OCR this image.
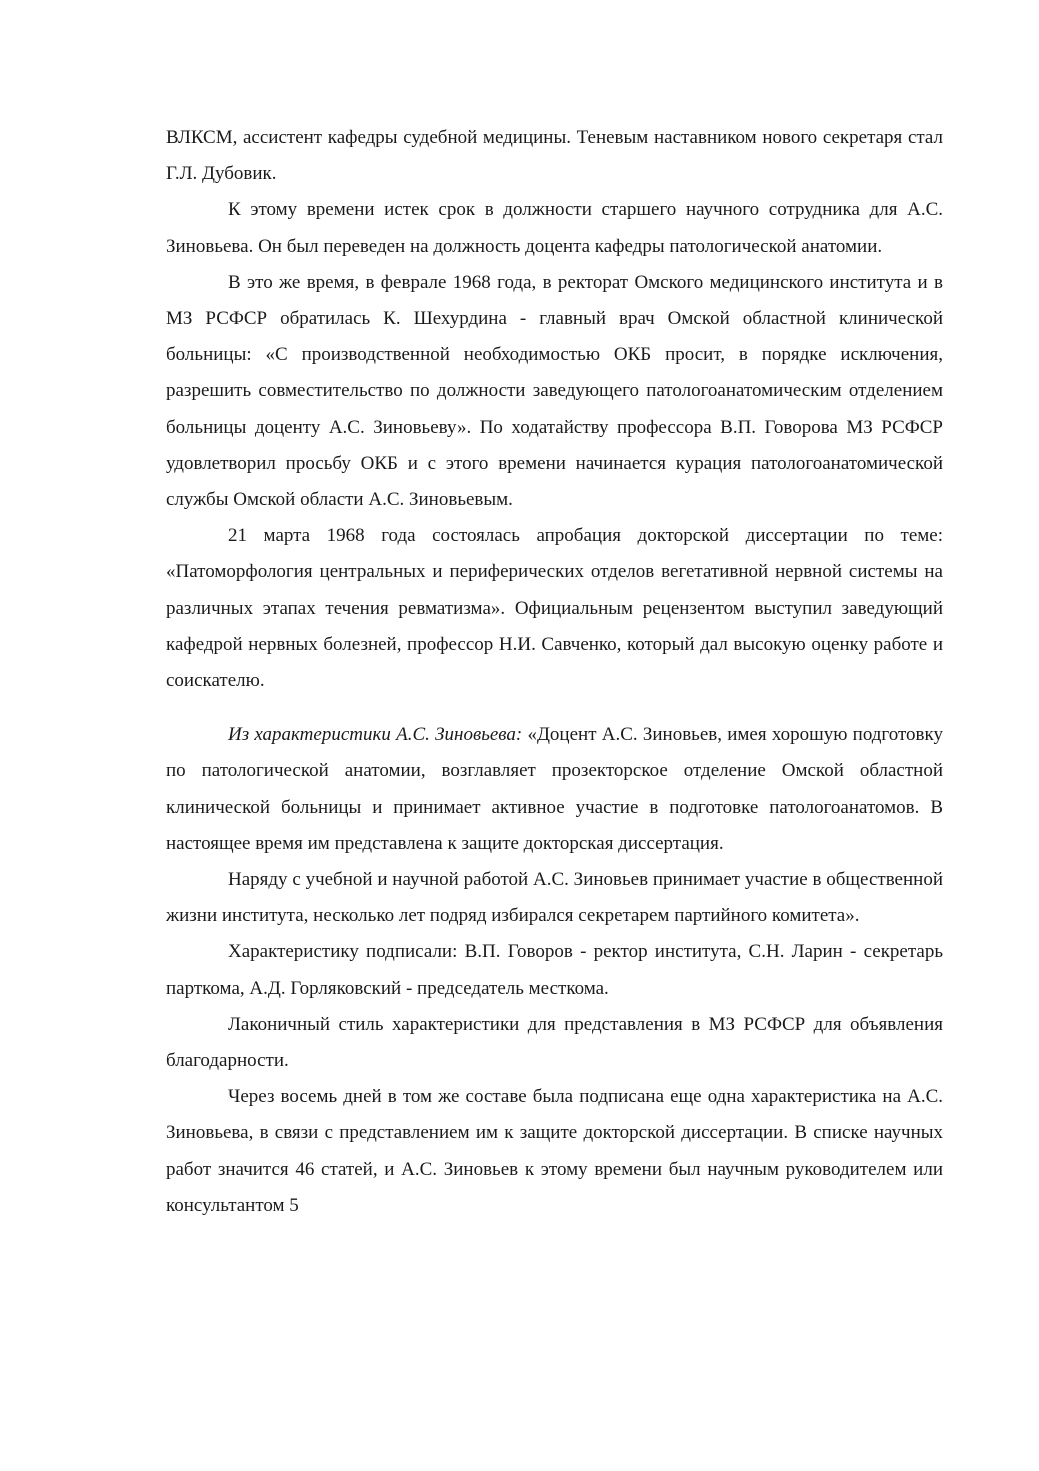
ВЛКСМ, ассистент кафедры судебной медицины. Теневым наставником нового секретаря стал Г.Л. Дубовик.

К этому времени истек срок в должности старшего научного сотрудника для А.С. Зиновьева. Он был переведен на должность доцента кафедры патологической анатомии.

В это же время, в феврале 1968 года, в ректорат Омского медицинского института и в МЗ РСФСР обратилась К. Шехурдина - главный врач Омской областной клинической больницы: «С производственной необходимостью ОКБ просит, в порядке исключения, разрешить совместительство по должности заведующего патологоанатомическим отделением больницы доценту А.С. Зиновьеву». По ходатайству профессора В.П. Говорова МЗ РСФСР удовлетворил просьбу ОКБ и с этого времени начинается курация патологоанатомической службы Омской области А.С. Зиновьевым.

21 марта 1968 года состоялась апробация докторской диссертации по теме: «Патоморфология центральных и периферических отделов вегетативной нервной системы на различных этапах течения ревматизма». Официальным рецензентом выступил заведующий кафедрой нервных болезней, профессор Н.И. Савченко, который дал высокую оценку работе и соискателю.

Из характеристики А.С. Зиновьева: «Доцент А.С. Зиновьев, имея хорошую подготовку по патологической анатомии, возглавляет прозекторское отделение Омской областной клинической больницы и принимает активное участие в подготовке патологоанатомов. В настоящее время им представлена к защите докторская диссертация.

Наряду с учебной и научной работой А.С. Зиновьев принимает участие в общественной жизни института, несколько лет подряд избирался секретарем партийного комитета».

Характеристику подписали: В.П. Говоров - ректор института, С.Н. Ларин - секретарь парткома, А.Д. Горляковский - председатель месткома.

Лаконичный стиль характеристики для представления в МЗ РСФСР для объявления благодарности.

Через восемь дней в том же составе была подписана еще одна характеристика на А.С. Зиновьева, в связи с представлением им к защите докторской диссертации. В списке научных работ значится 46 статей, и А.С. Зиновьев к этому времени был научным руководителем или консультантом 5
